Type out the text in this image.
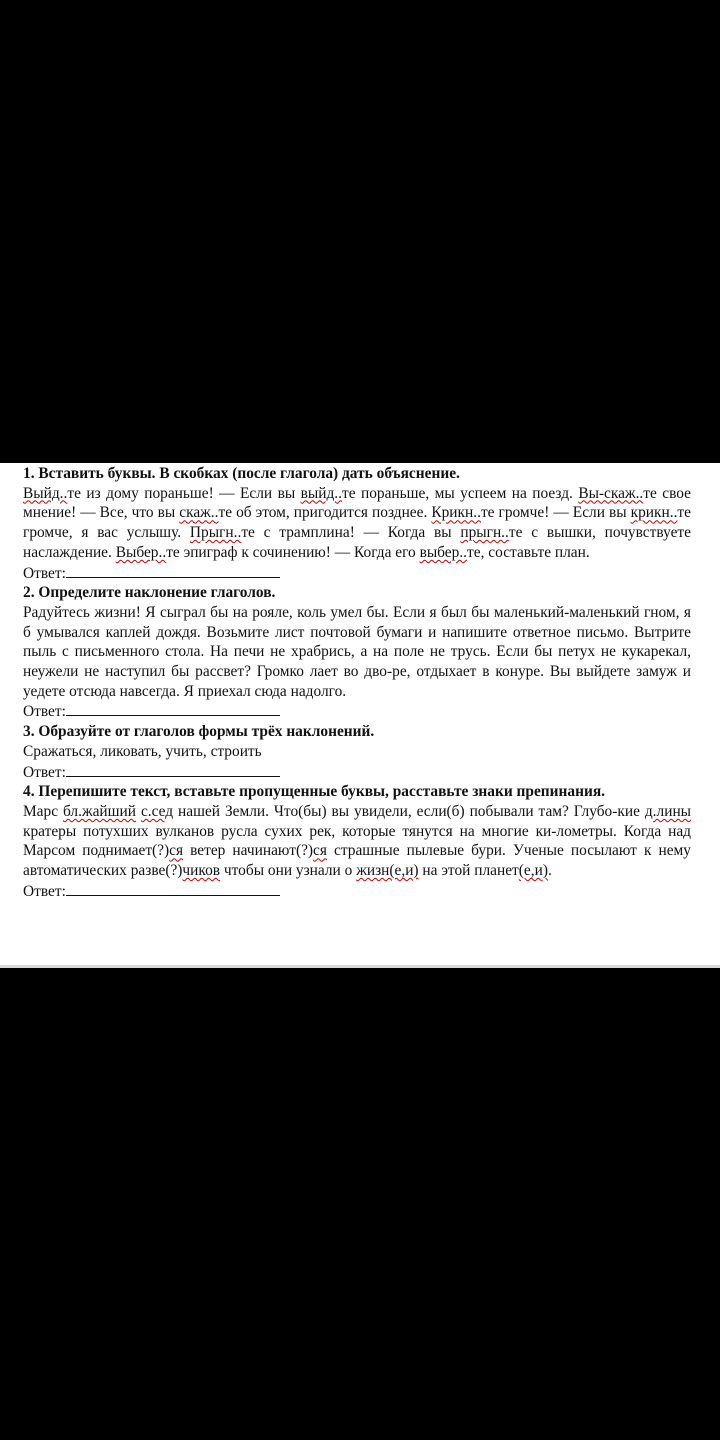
1. Вставить буквы. В скобках (после глагола) дать объяснение.

Выйд..те из дому пораньше! — Если вы выйд..те пораньше, мы успеем на поезд. Вы-скаж..те свое мнение! — Все, что вы скаж..те об этом, пригодится позднее. Крикн..те громче! — Если вы крикн..те громче, я вас услышу. Прыгн..те с трамплина! — Когда вы прыгн..те с вышки, почувствуете наслаждение. Выбер..те эпиграф к сочинению! — Когда его выбер..те, составьте план.

Ответ:

2. Определите наклонение глаголов.

Радуйтесь жизни! Я сыграл бы на рояле, коль умел бы. Если я был бы маленький-маленький гном, я б умывался каплей дождя. Возьмите лист почтовой бумаги и напишите ответное письмо. Вытрите пыль с письменного стола. На печи не храбрись, а на поле не трусь. Если бы петух не кукарекал, неужели не наступил бы рассвет? Громко лает во дво-ре, отдыхает в конуре. Вы выйдете замуж и уедете отсюда навсегда. Я приехал сюда надолго.

Ответ:

3. Образуйте от глаголов формы трёх наклонений.

Сражаться, ликовать, учить, строить

Ответ:

4. Перепишите текст, вставьте пропущенные буквы, расставьте знаки препинания.

Марс бл.жайший с.сед нашей Земли. Что(бы) вы увидели, если(б) побывали там? Глубо-кие д.лины кратеры потухших вулканов русла сухих рек, которые тянутся на многие ки-лометры. Когда над Марсом поднимает(?)ся ветер начинают(?)ся страшные пылевые бури. Ученые посылают к нему автоматических разве(?)чиков чтобы они узнали о жизн(е,и) на этой планет(е,и).

Ответ:
